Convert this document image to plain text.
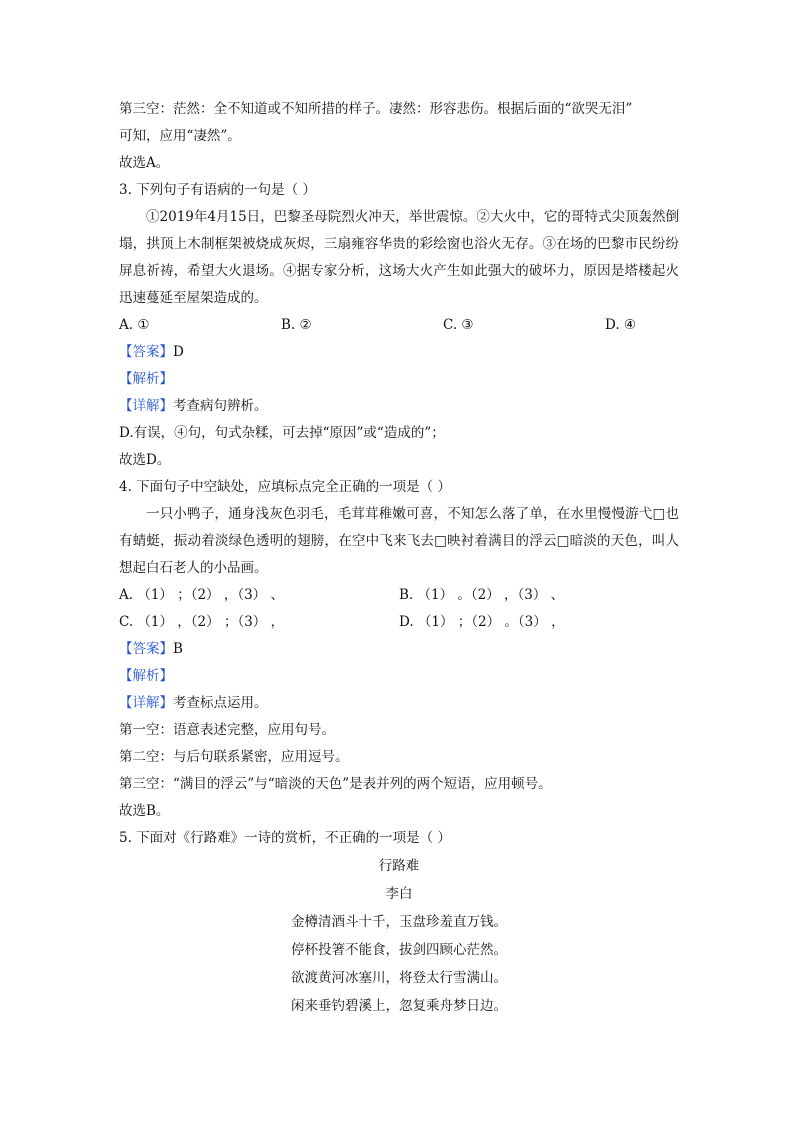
第三空：茫然：全不知道或不知所措的样子。凄然：形容悲伤。根据后面的“欲哭无泪”
可知，应用“凄然”。
故选A。
3. 下列句子有语病的一句是（ ）
①2019年4月15日，巴黎圣母院烈火冲天，举世震惊。②大火中，它的哥特式尖顶轰然倒塌，拱顶上木制框架被烧成灰烬，三扇雍容华贵的彩绘窗也浴火无存。③在场的巴黎市民纷纷屏息祈祷，希望大火退场。④据专家分析，这场大火产生如此强大的破坏力，原因是塔楼起火迅速蔓延至屋架造成的。
A. ①	B. ②	C. ③	D. ④
【答案】D
【解析】
【详解】考查病句辨析。
D.有误，④句，句式杂糅，可去掉“原因”或“造成的”；
故选D。
4. 下面句子中空缺处，应填标点完全正确的一项是（ ）
一只小鸭子，通身浅灰色羽毛，毛茸茸稚嫩可喜，不知怎么落了单，在水里慢慢游弋□也有蜻蜓，振动着淡绿色透明的翅膀，在空中飞来飞去□映衬着满目的浮云□暗淡的天色，叫人想起白石老人的小品画。
A. （1） ；（2） ，（3） 、	B. （1） 。（2） ，（3） 、
C. （1） ，（2） ；（3） ，	D. （1） ；（2） 。（3） ，
【答案】B
【解析】
【详解】考查标点运用。
第一空：语意表述完整，应用句号。
第二空：与后句联系紧密，应用逗号。
第三空：“满目的浮云”与“暗淡的天色”是表并列的两个短语，应用顿号。
故选B。
5. 下面对《行路难》一诗的赏析，不正确的一项是（ ）
行路难
李白
金樽清酒斗十千，玉盘珍羞直万钱。
停杯投箸不能食，拔剑四顾心茫然。
欲渡黄河冰塞川，将登太行雪满山。
闲来垂钓碧溪上，忽复乘舟梦日边。
